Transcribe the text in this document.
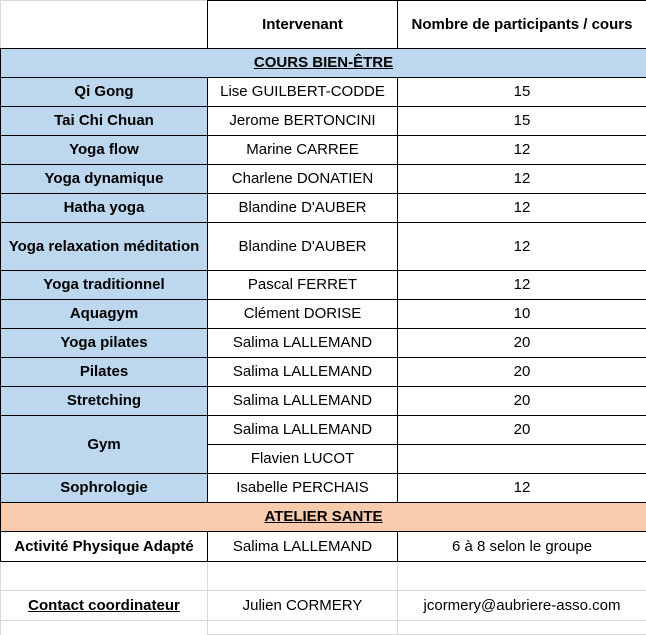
	Intervenant	Nombre de participants / cours
COURS BIEN-ÊTRE		
Qi Gong	Lise GUILBERT-CODDE	15
Tai Chi Chuan	Jerome BERTONCINI	15
Yoga flow	Marine CARREE	12
Yoga dynamique	Charlene DONATIEN	12
Hatha yoga	Blandine D'AUBER	12
Yoga relaxation méditation	Blandine D'AUBER	12
Yoga traditionnel	Pascal FERRET	12
Aquagym	Clément DORISE	10
Yoga pilates	Salima LALLEMAND	20
Pilates	Salima LALLEMAND	20
Stretching	Salima LALLEMAND	20
Gym	Salima LALLEMAND	20
	Flavien LUCOT	
Sophrologie	Isabelle PERCHAIS	12
ATELIER SANTE		
Activité Physique Adapté	Salima LALLEMAND	6 à 8 selon le groupe

Contact coordinateur	Julien CORMERY	jcormery@aubriere-asso.com
